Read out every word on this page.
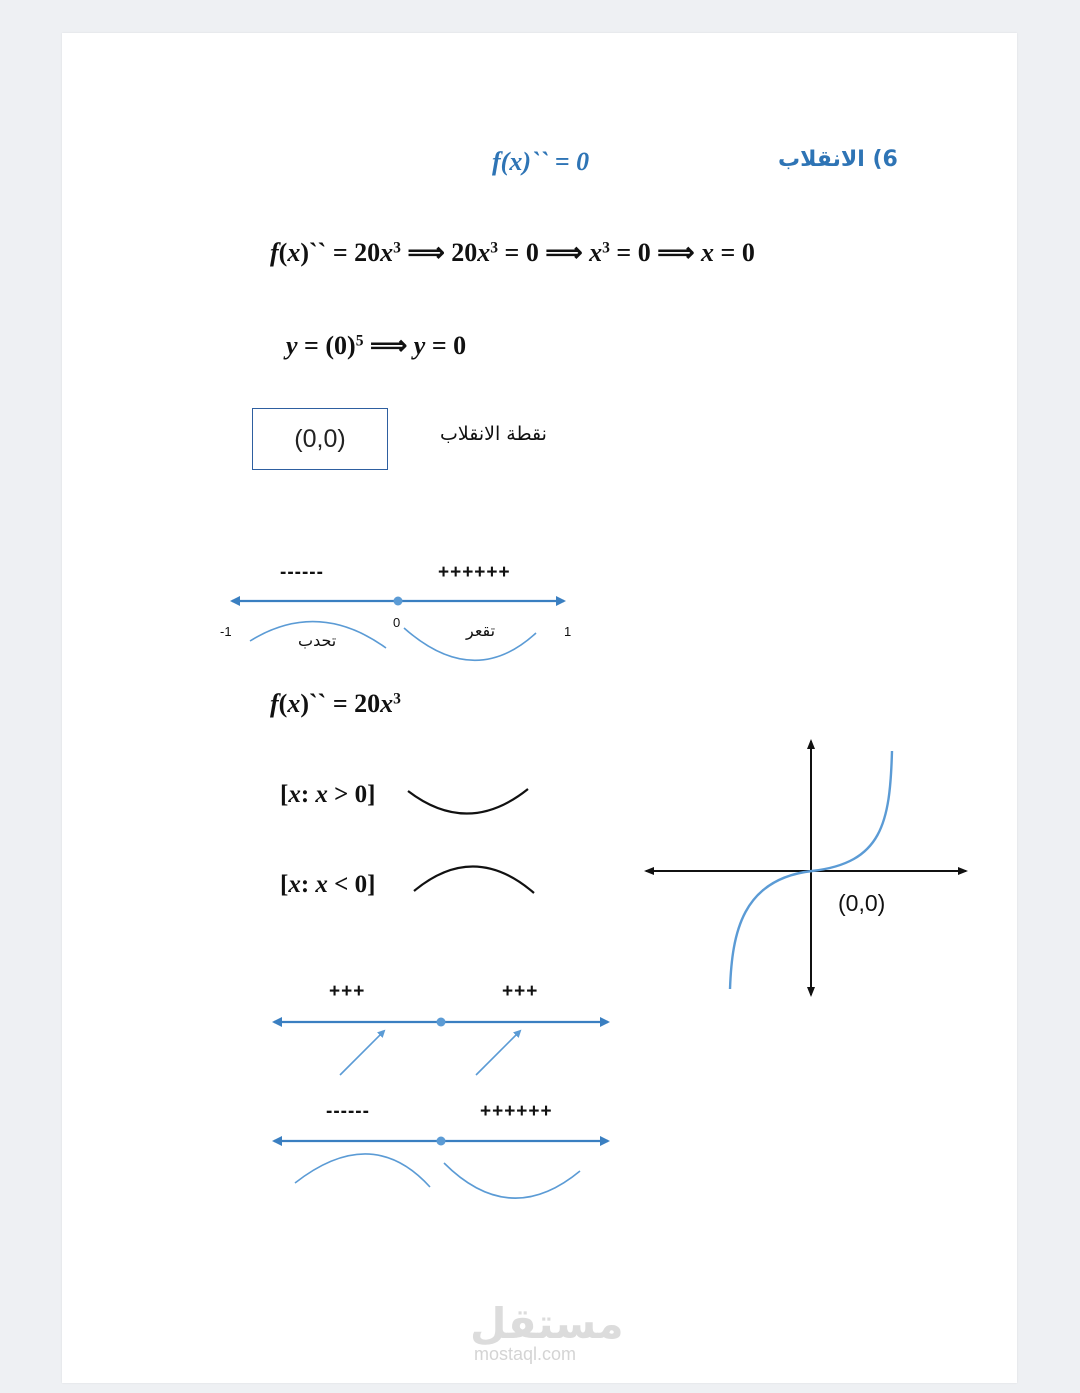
6) الانقلاب
f(x)`` = 0
f(x)`` = $20x^3$ ⟹ $20x^3 = 0$ ⟹ $x^3 = 0$ ⟹ x = 0
$y = (0)^5$ ⟹ y = 0
(0,0)	نقطة الانقلاب
------	++++++
-1
0
1
تحدب
تقعر
f(x)`` = $20x^3$
[x: x > 0]
[x: x < 0]
(0,0)
+++	+++
------	++++++
مستقل
mostaql.com
